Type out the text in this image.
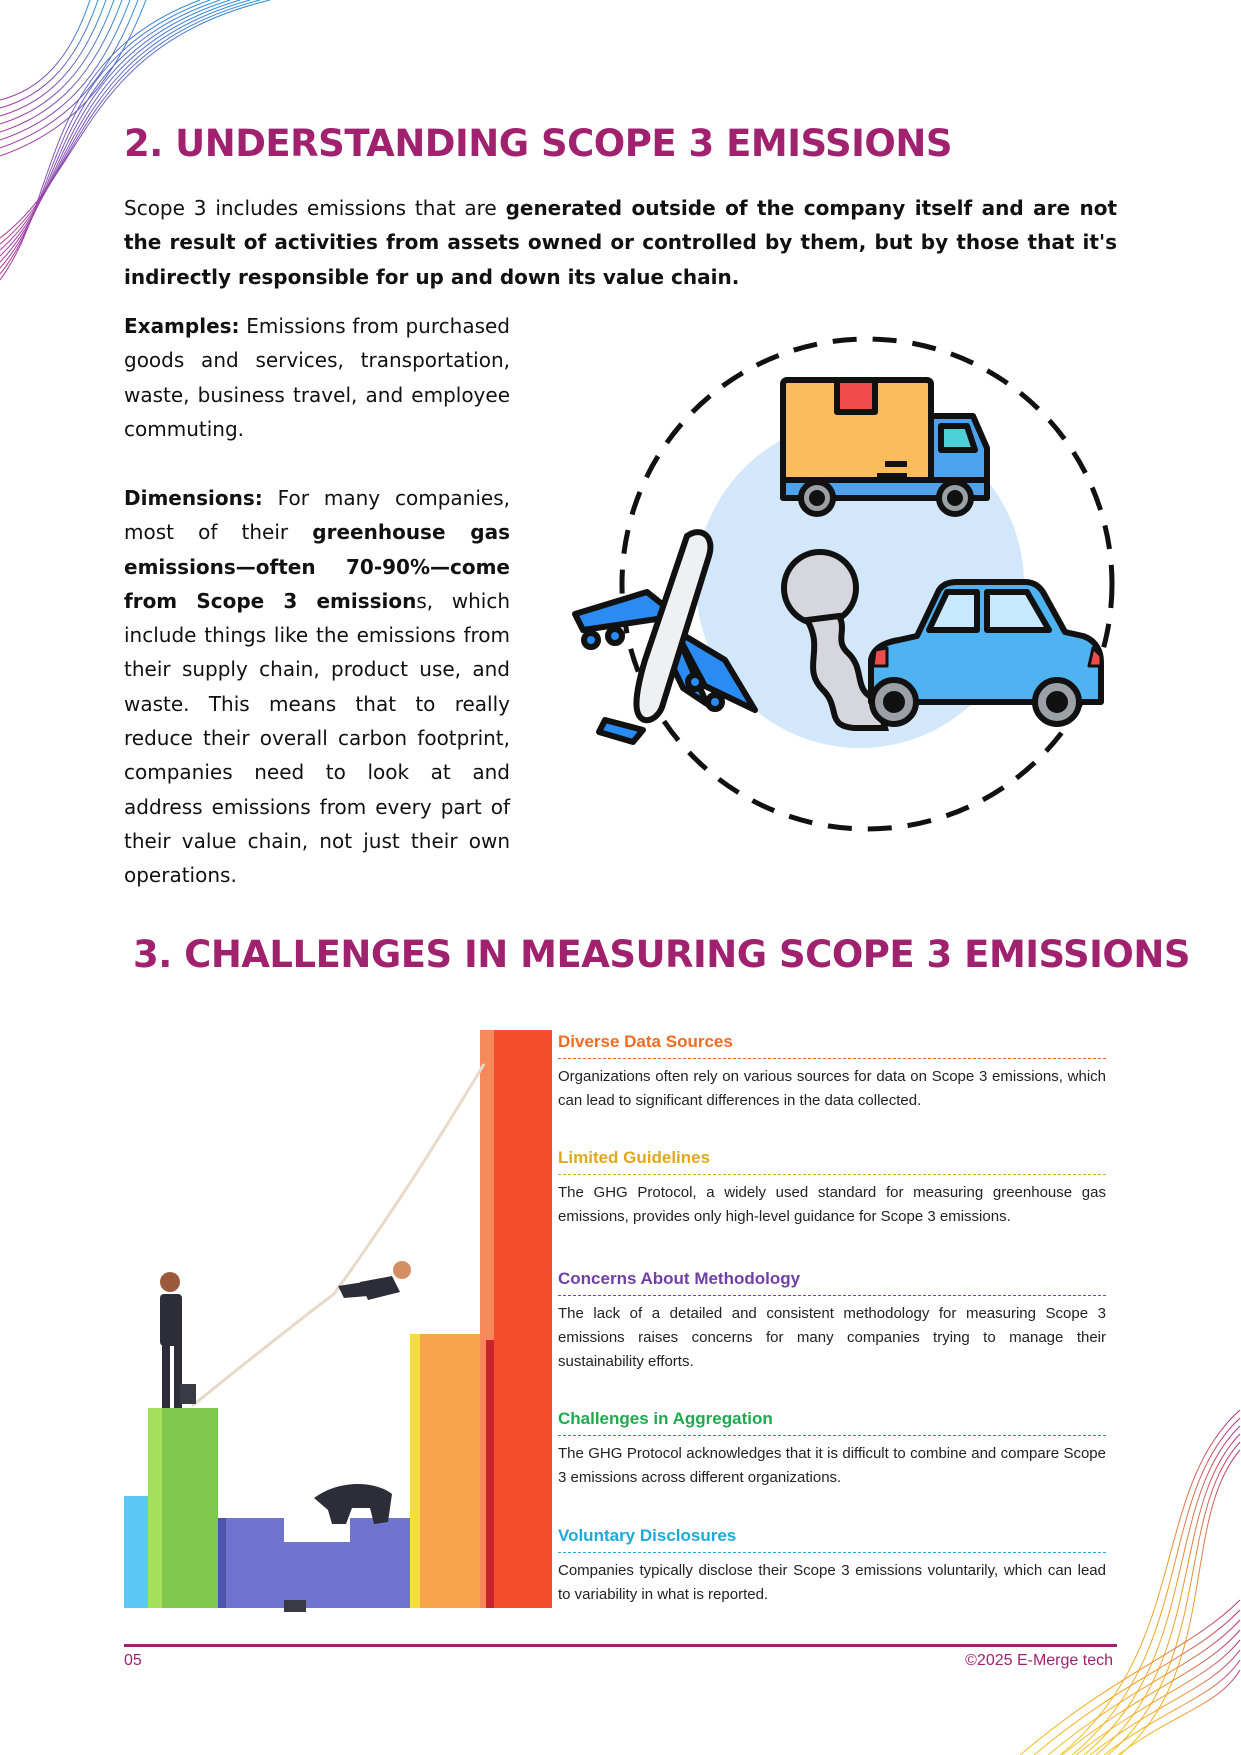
2. UNDERSTANDING SCOPE 3 EMISSIONS

Scope 3 includes emissions that are generated outside of the company itself and are not the result of activities from assets owned or controlled by them, but by those that it's indirectly responsible for up and down its value chain.

Examples: Emissions from purchased goods and services, transportation, waste, business travel, and employee commuting.

Dimensions: For many companies, most of their greenhouse gas emissions—often 70-90%—come from Scope 3 emissions, which include things like the emissions from their supply chain, product use, and waste. This means that to really reduce their overall carbon footprint, companies need to look at and address emissions from every part of their value chain, not just their own operations.

3. CHALLENGES IN MEASURING SCOPE 3 EMISSIONS
Diverse Data Sources
Organizations often rely on various sources for data on Scope 3 emissions, which can lead to significant differences in the data collected.
Limited Guidelines
The GHG Protocol, a widely used standard for measuring greenhouse gas emissions, provides only high-level guidance for Scope 3 emissions.
Concerns About Methodology
The lack of a detailed and consistent methodology for measuring Scope 3 emissions raises concerns for many companies trying to manage their sustainability efforts.
Challenges in Aggregation
The GHG Protocol acknowledges that it is difficult to combine and compare Scope 3 emissions across different organizations.
Voluntary Disclosures
Companies typically disclose their Scope 3 emissions voluntarily, which can lead to variability in what is reported.
05	©2025 E-Merge tech
